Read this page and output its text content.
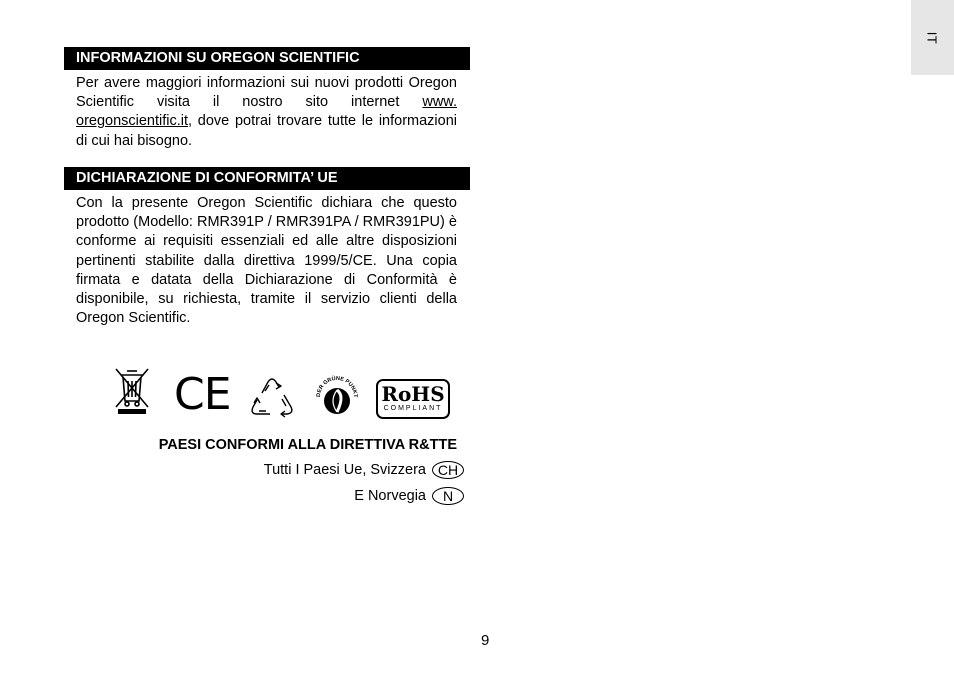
IT
INFORMAZIONI SU OREGON SCIENTIFIC
Per avere maggiori informazioni sui nuovi prodotti Oregon Scientific visita il nostro sito internet www. oregonscientific.it, dove potrai trovare tutte le informazioni di cui hai bisogno.
DICHIARAZIONE DI CONFORMITA’ UE
Con la presente Oregon Scientific dichiara che questo prodotto (Modello: RMR391P / RMR391PA / RMR391PU) è conforme ai requisiti essenziali ed alle altre disposizioni pertinenti stabilite dalla direttiva 1999/5/CE. Una copia firmata e datata della Dichiarazione di Conformità è disponibile, su richiesta, tramite il servizio clienti della Oregon Scientific.
CE	DER GRÜNE PUNKT RoHS
COMPLIANT
PAESI CONFORMI ALLA DIRETTIVA R&TTE
Tutti I Paesi Ue, Svizzera CH
E Norvegia	N
9
